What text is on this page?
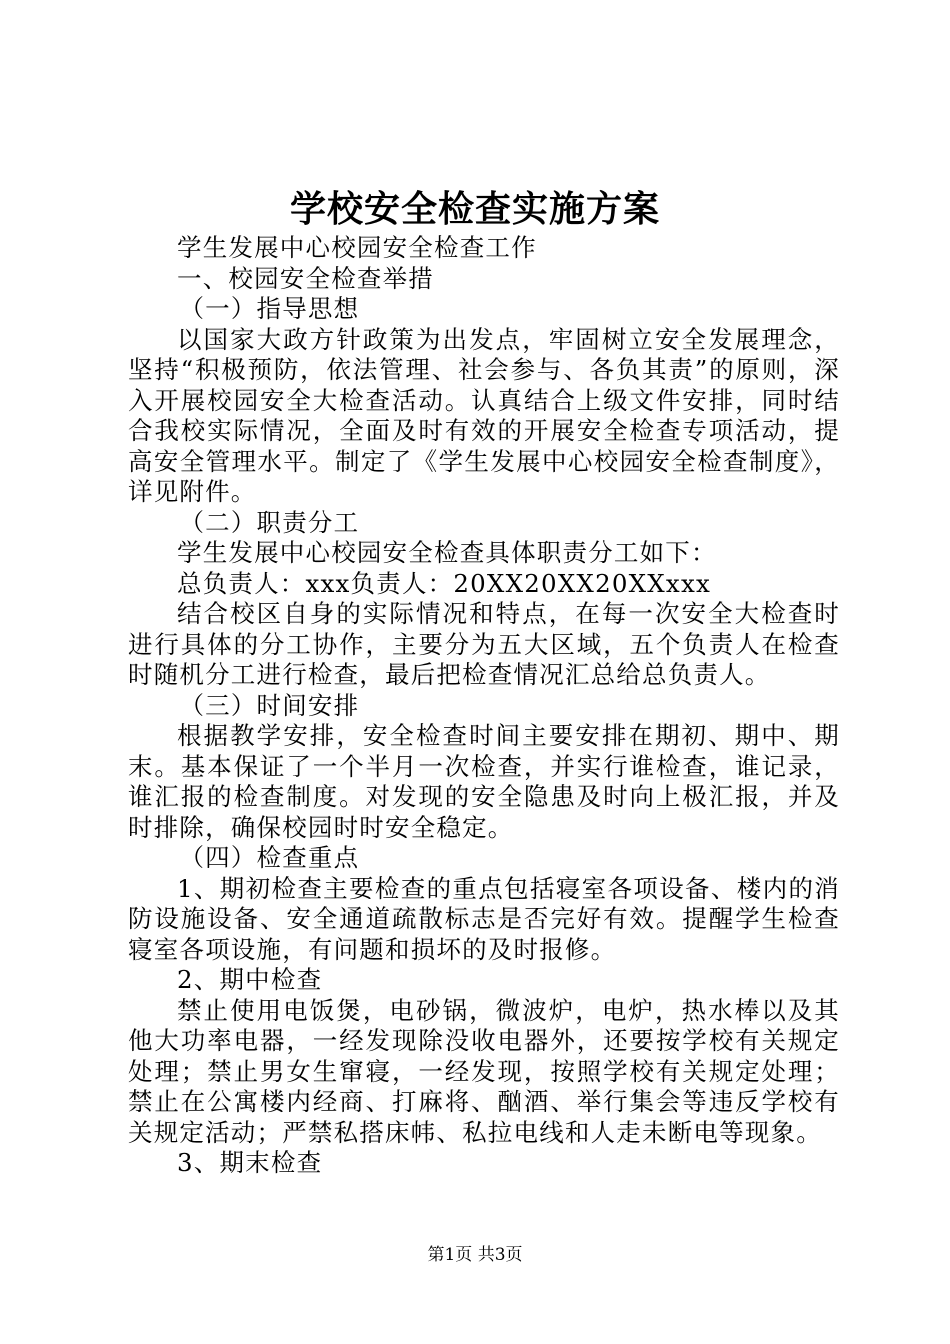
学校安全检查实施方案

学生发展中心校园安全检查工作

一、校园安全检查举措

（一）指导思想

以国家大政方针政策为出发点，牢固树立安全发展理念，坚持“积极预防，依法管理、社会参与、各负其责”的原则，深入开展校园安全大检查活动。认真结合上级文件安排，同时结合我校实际情况，全面及时有效的开展安全检查专项活动，提高安全管理水平。制定了《学生发展中心校园安全检查制度》，详见附件。

（二）职责分工

学生发展中心校园安全检查具体职责分工如下：

总负责人：xxx负责人：20XX20XX20XXxxx

结合校区自身的实际情况和特点，在每一次安全大检查时进行具体的分工协作，主要分为五大区域，五个负责人在检查时随机分工进行检查，最后把检查情况汇总给总负责人。

（三）时间安排

根据教学安排，安全检查时间主要安排在期初、期中、期末。基本保证了一个半月一次检查，并实行谁检查，谁记录，谁汇报的检查制度。对发现的安全隐患及时向上极汇报，并及时排除，确保校园时时安全稳定。

（四）检查重点

1、期初检查主要检查的重点包括寝室各项设备、楼内的消防设施设备、安全通道疏散标志是否完好有效。提醒学生检查寝室各项设施，有问题和损坏的及时报修。

2、期中检查

禁止使用电饭煲，电砂锅，微波炉，电炉，热水棒以及其他大功率电器，一经发现除没收电器外，还要按学校有关规定处理；禁止男女生窜寝，一经发现，按照学校有关规定处理；禁止在公寓楼内经商、打麻将、酗酒、举行集会等违反学校有关规定活动；严禁私搭床帏、私拉电线和人走未断电等现象。

3、期末检查

第1页 共3页
